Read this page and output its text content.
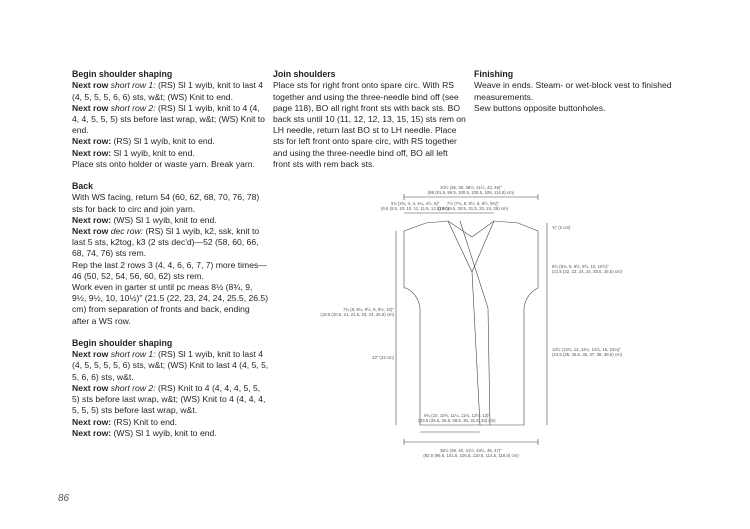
Begin shoulder shaping

Next row short row 1: (RS) Sl 1 wyib, knit to last 4 (4, 5, 5, 5, 6, 6) sts, w&t; (WS) Knit to end.

Next row short row 2: (RS) Sl 1 wyib, knit to 4 (4, 4, 4, 5, 5, 5) sts before last wrap, w&t; (WS) Knit to end.

Next row: (RS) Sl 1 wyib, knit to end.

Next row: Sl 1 wyib, knit to end.

Place sts onto holder or waste yarn. Break yarn.

Back

With WS facing, return 54 (60, 62, 68, 70, 76, 78) sts for back to circ and join yarn.

Next row: (WS) Sl 1 wyib, knit to end.

Next row dec row: (RS) Sl 1 wyib, k2, ssk, knit to last 5 sts, k2tog, k3 (2 sts dec'd)—52 (58, 60, 66, 68, 74, 76) sts rem.

Rep the last 2 rows 3 (4, 4, 6, 6, 7, 7) more times—46 (50, 52, 54, 56, 60, 62) sts rem.

Work even in garter st until pc meas 8½ (8¾, 9, 9½, 9½, 10, 10½)" (21.5 (22, 23, 24, 24, 25.5, 26.5) cm) from separation of fronts and back, ending after a WS row.

Begin shoulder shaping

Next row short row 1: (RS) Sl 1 wyib, knit to last 4 (4, 5, 5, 5, 5, 6) sts, w&t; (WS) Knit to last 4 (4, 5, 5, 5, 6, 6) sts, w&t.

Next row short row 2: (RS) Knit to 4 (4, 4, 4, 5, 5, 5) sts before last wrap, w&t; (WS) Knit to 4 (4, 4, 4, 5, 5, 5) sts before last wrap, w&t.

Next row: (RS) Knit to end.

Next row: (WS) Sl 1 wyib, knit to end.

Join shoulders

Place sts for right front onto spare circ. With RS together and using the three-needle bind off (see page 118), BO all right front sts with back sts. BO back sts until 10 (11, 12, 12, 13, 15, 15) sts rem on LH needle, return last BO st to LH needle. Place sts for left front onto spare circ, with RS together and using the three-needle bind off, BO all left front sts with rem back sts.

Finishing

Weave in ends. Steam- or wet-block vest to finished measurements.

Sew buttons opposite buttonholes.

34½ (36, 38, 39½, 41½, 43, 45)"
(88 (91.5, 96.5, 100.5, 105.5, 109, 114.5) cm)
3¾ (3¾, 4, 4, 4¼, 4½, 5)"
(9.5 (9.5, 10, 10, 11, 11.5, 12.5) cm)
7½ (7¾, 8, 8½, 9, 9½, 9¾)"
(19 (19.5, 20.5, 21.5, 23, 24, 25) cm)
¾" (2 cm)
8½ (8¾, 9, 9½, 9½, 10, 10½)"
(21.5 (22, 23, 24, 24, 25.5, 26.5) cm)
7¾ (8, 8¼, 8½, 9, 9½, 10)"
(19.5 (20.5, 21, 21.5, 23, 24, 25.5) cm)
13" (33 cm)
13½ (13¾, 14, 14¼, 14½, 15, 15¼)"
(34.5 (35, 35.5, 36, 37, 38, 38.5) cm)
9¼ (10, 10½, 11¼, 11¾, 12½, 13)"
(23.5 (25.5, 26.5, 28.5, 30, 31.5, 33) cm)
36½ (38, 40, 41½, 43½, 45, 47)"
(92.5 (96.5, 101.5, 105.5, 110.5, 114.5, 119.5) cm)
86
